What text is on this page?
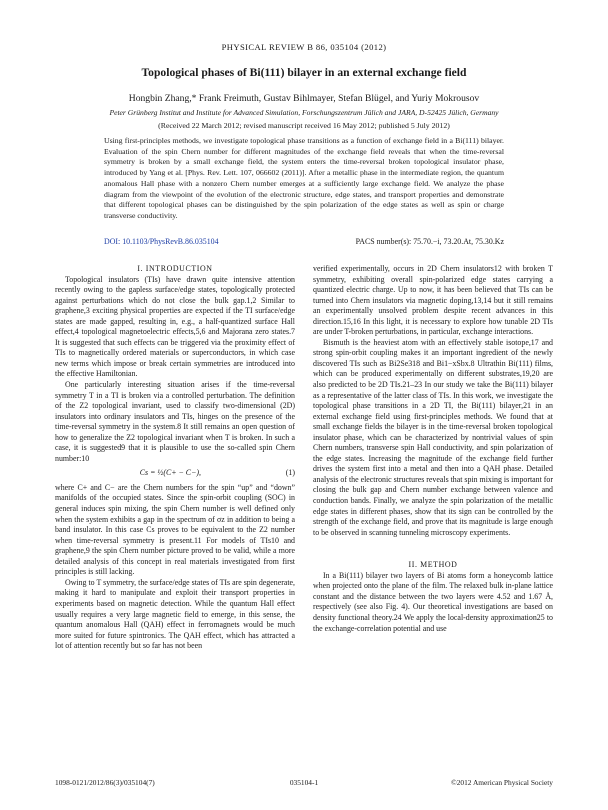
PHYSICAL REVIEW B 86, 035104 (2012)
Topological phases of Bi(111) bilayer in an external exchange field
Hongbin Zhang,* Frank Freimuth, Gustav Bihlmayer, Stefan Blügel, and Yuriy Mokrousov
Peter Grünberg Institut and Institute for Advanced Simulation, Forschungszentrum Jülich and JARA, D-52425 Jülich, Germany
(Received 22 March 2012; revised manuscript received 16 May 2012; published 5 July 2012)
Using first-principles methods, we investigate topological phase transitions as a function of exchange field in a Bi(111) bilayer. Evaluation of the spin Chern number for different magnitudes of the exchange field reveals that when the time-reversal symmetry is broken by a small exchange field, the system enters the time-reversal broken topological insulator phase, introduced by Yang et al. [Phys. Rev. Lett. 107, 066602 (2011)]. After a metallic phase in the intermediate region, the quantum anomalous Hall phase with a nonzero Chern number emerges at a sufficiently large exchange field. We analyze the phase diagram from the viewpoint of the evolution of the electronic structure, edge states, and transport properties and demonstrate that different topological phases can be distinguished by the spin polarization of the edge states as well as spin or charge transverse conductivity.
DOI: 10.1103/PhysRevB.86.035104	PACS number(s): 75.70.−i, 73.20.At, 75.30.Kz

I. INTRODUCTION

Topological insulators (TIs) have drawn quite intensive attention recently owing to the gapless surface/edge states, topologically protected against perturbations which do not close the bulk gap.1,2 Similar to graphene,3 exciting physical properties are expected if the TI surface/edge states are made gapped, resulting in, e.g., a half-quantized surface Hall effect,4 topological magnetoelectric effects,5,6 and Majorana zero states.7 It is suggested that such effects can be triggered via the proximity effect of TIs to magnetically ordered materials or superconductors, in which case new terms which impose or break certain symmetries are introduced into the effective Hamiltonian.

One particularly interesting situation arises if the time-reversal symmetry T in a TI is broken via a controlled perturbation. The definition of the Z2 topological invariant, used to classify two-dimensional (2D) insulators into ordinary insulators and TIs, hinges on the presence of the time-reversal symmetry in the system.8 It still remains an open question of how to generalize the Z2 topological invariant when T is broken. In such a case, it is suggested9 that it is plausible to use the so-called spin Chern number:10

Cs = ½(C+ − C−),	(1)

where C+ and C− are the Chern numbers for the spin “up” and “down” manifolds of the occupied states. Since the spin-orbit coupling (SOC) in general induces spin mixing, the spin Chern number is well defined only when the system exhibits a gap in the spectrum of σz in addition to being a band insulator. In this case Cs proves to be equivalent to the Z2 number when time-reversal symmetry is present.11 For models of TIs10 and graphene,9 the spin Chern number picture proved to be valid, while a more detailed analysis of this concept in real materials investigated from first principles is still lacking.

Owing to T symmetry, the surface/edge states of TIs are spin degenerate, making it hard to manipulate and exploit their transport properties in experiments based on magnetic detection. While the quantum Hall effect usually requires a very large magnetic field to emerge, in this sense, the quantum anomalous Hall (QAH) effect in ferromagnets would be much more suited for future spintronics. The QAH effect, which has attracted a lot of attention recently but so far has not been

verified experimentally, occurs in 2D Chern insulators12 with broken T symmetry, exhibiting overall spin-polarized edge states carrying a quantized electric charge. Up to now, it has been believed that TIs can be turned into Chern insulators via magnetic doping,13,14 but it still remains an experimentally unsolved problem despite recent advances in this direction.15,16 In this light, it is necessary to explore how tunable 2D TIs are under T-broken perturbations, in particular, exchange interactions.

Bismuth is the heaviest atom with an effectively stable isotope,17 and strong spin-orbit coupling makes it an important ingredient of the newly discovered TIs such as Bi2Se318 and Bi1−xSbx.8 Ultrathin Bi(111) films, which can be produced experimentally on different substrates,19,20 are also predicted to be 2D TIs.21–23 In our study we take the Bi(111) bilayer as a representative of the latter class of TIs. In this work, we investigate the topological phase transitions in a 2D TI, the Bi(111) bilayer,21 in an external exchange field using first-principles methods. We found that at small exchange fields the bilayer is in the time-reversal broken topological insulator phase, which can be characterized by nontrivial values of spin Chern numbers, transverse spin Hall conductivity, and spin polarization of the edge states. Increasing the magnitude of the exchange field further drives the system first into a metal and then into a QAH phase. Detailed analysis of the electronic structures reveals that spin mixing is important for closing the bulk gap and Chern number exchange between valence and conduction bands. Finally, we analyze the spin polarization of the metallic edge states in different phases, show that its sign can be controlled by the strength of the exchange field, and prove that its magnitude is large enough to be observed in scanning tunneling microscopy experiments.

II. METHOD

In a Bi(111) bilayer two layers of Bi atoms form a honeycomb lattice when projected onto the plane of the film. The relaxed bulk in-plane lattice constant and the distance between the two layers were 4.52 and 1.67 Å, respectively (see also Fig. 4). Our theoretical investigations are based on density functional theory.24 We apply the local-density approximation25 to the exchange-correlation potential and use

1098-0121/2012/86(3)/035104(7)	035104-1	©2012 American Physical Society
